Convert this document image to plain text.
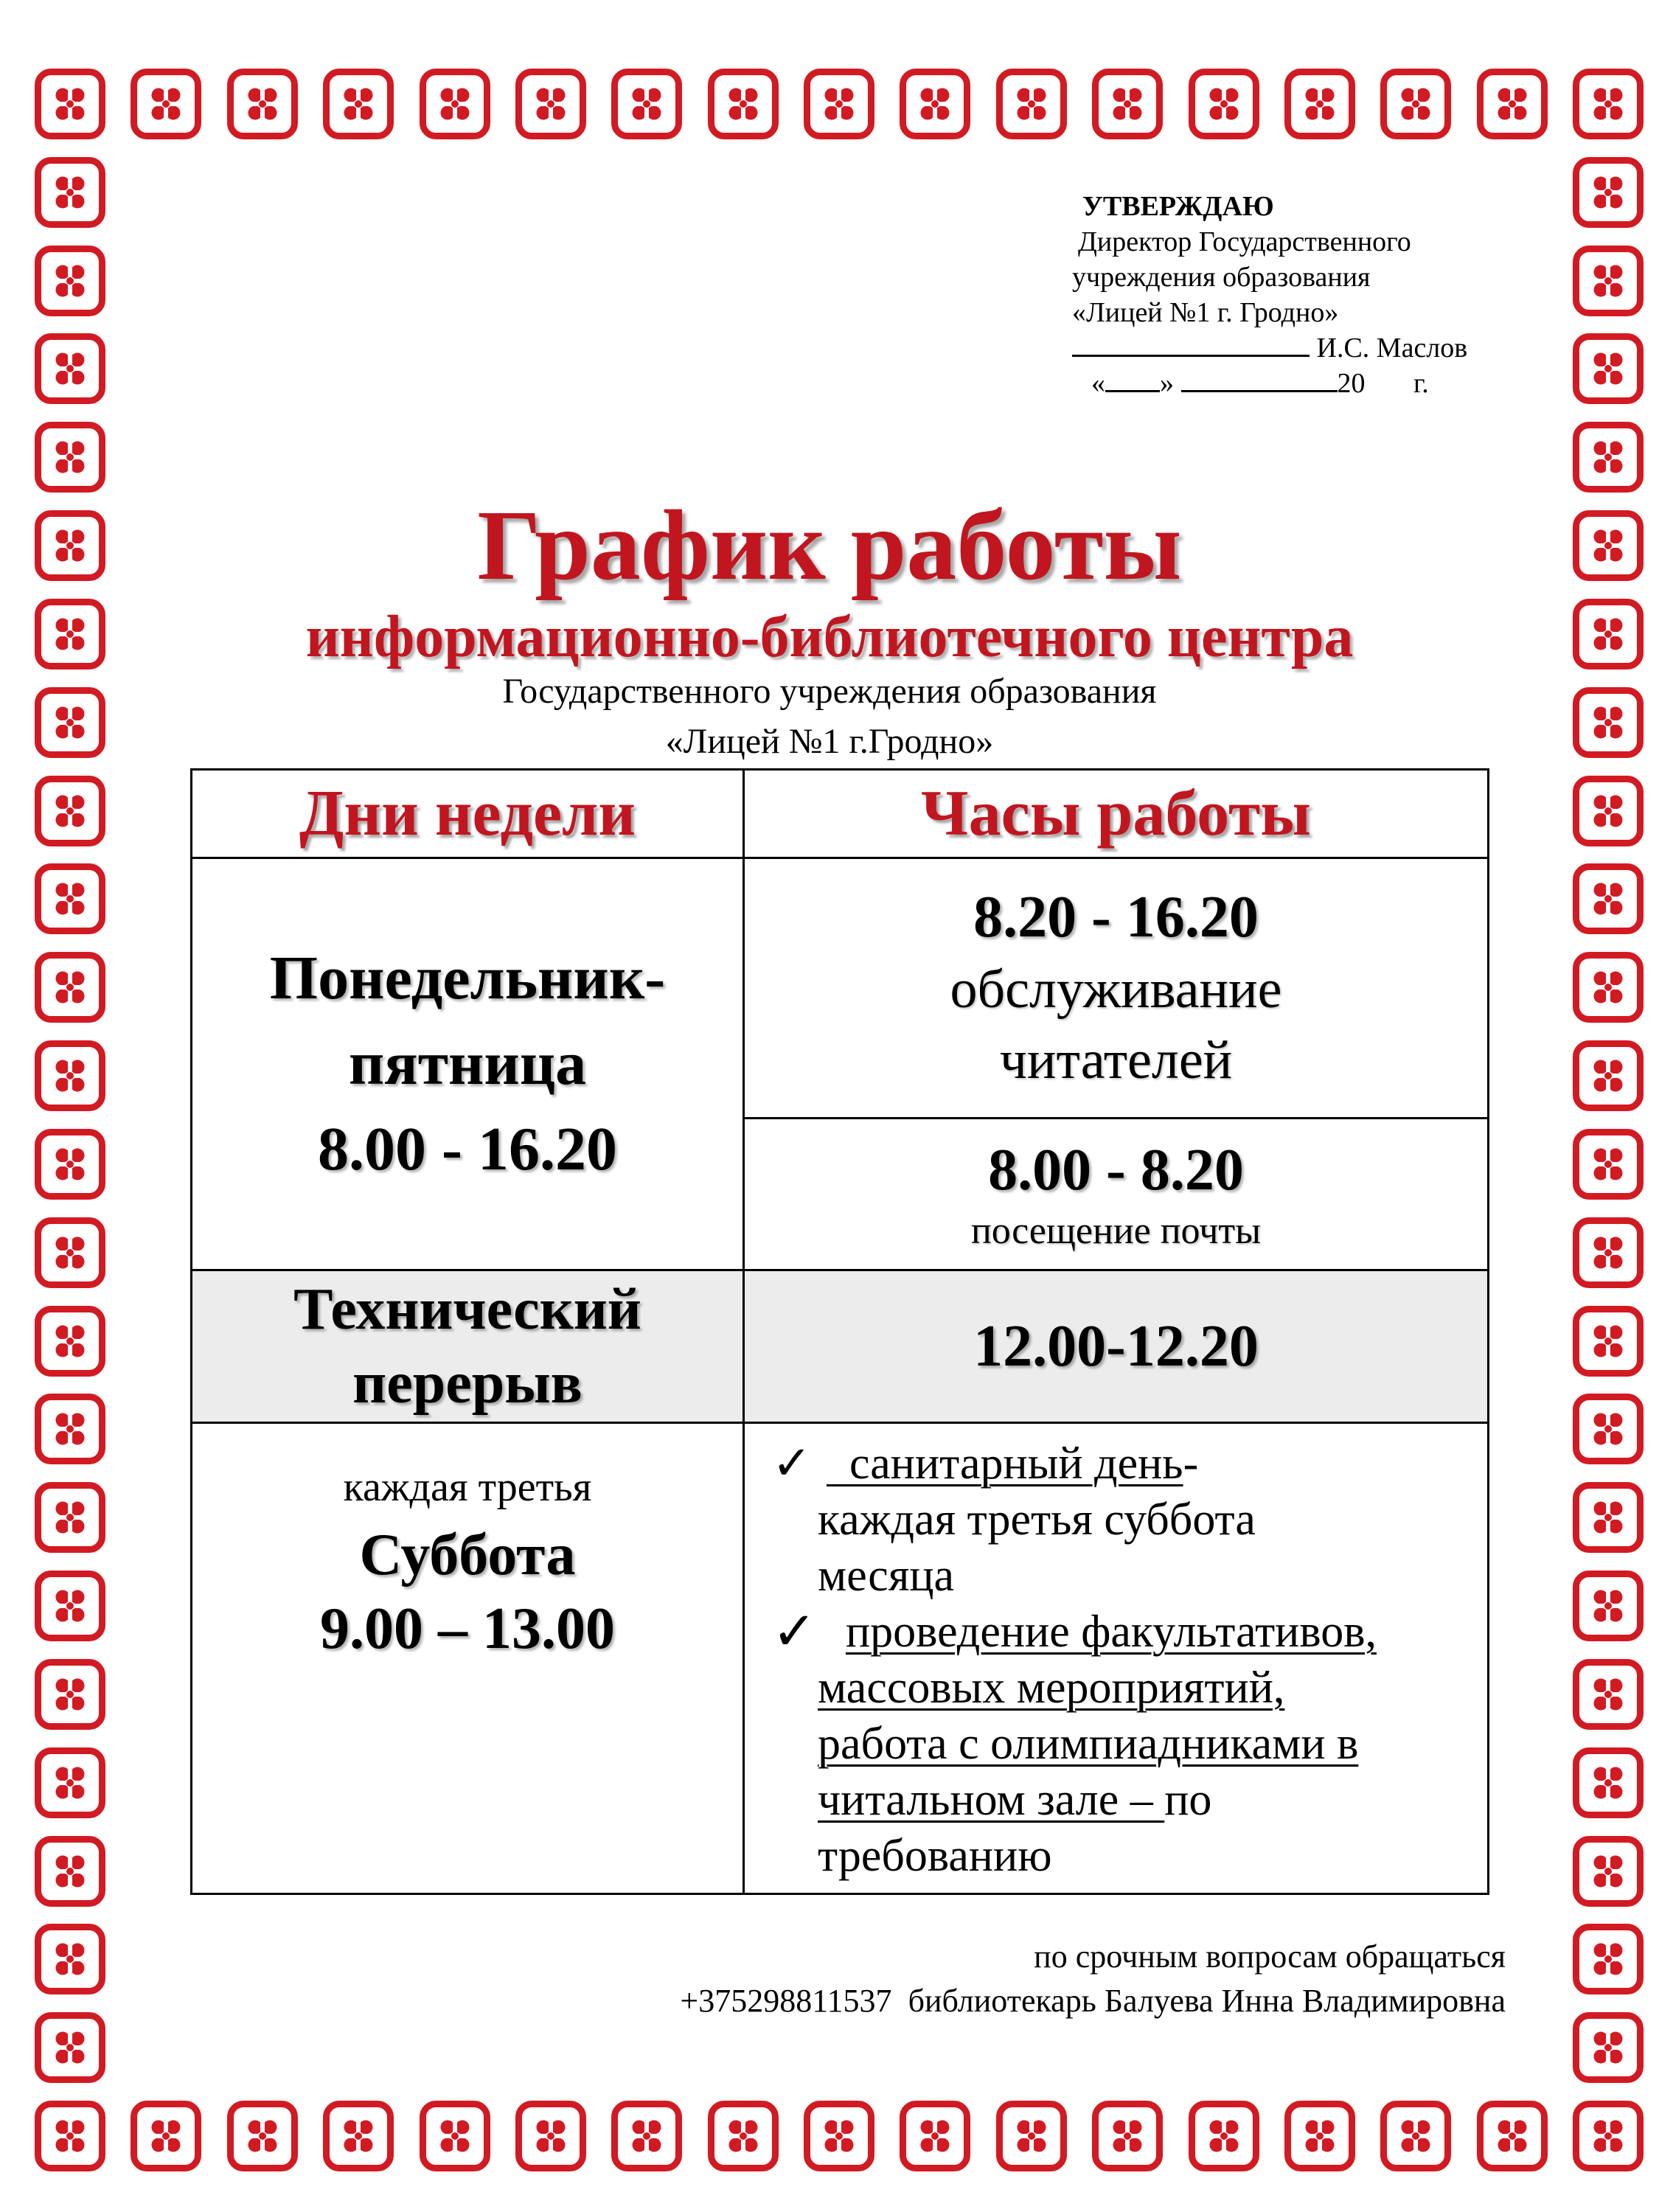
УТВЕРЖДАЮ
Директор Государственного
учреждения образования
«Лицей №1 г. Гродно»
И.С. Маслов
« »	20 г.
График работы
информационно-библиотечного центра
Государственного учреждения образования
«Лицей №1 г.Гродно»
Дни недели	Часы работы
Понедельник-
пятница
8.00 - 16.20
8.20 - 16.20
обслуживание
читателей
8.00 - 8.20
посещение почты
Технический
перерыв
12.00-12.20
каждая третья
Суббота
9.00 – 13.00
✓ санитарный день-
каждая третья суббота
месяца
✓ проведение факультативов,
массовых мероприятий,
работа с олимпиадниками в
читальном зале – по
требованию
по срочным вопросам обращаться
+375298811537 библиотекарь Балуева Инна Владимировна
